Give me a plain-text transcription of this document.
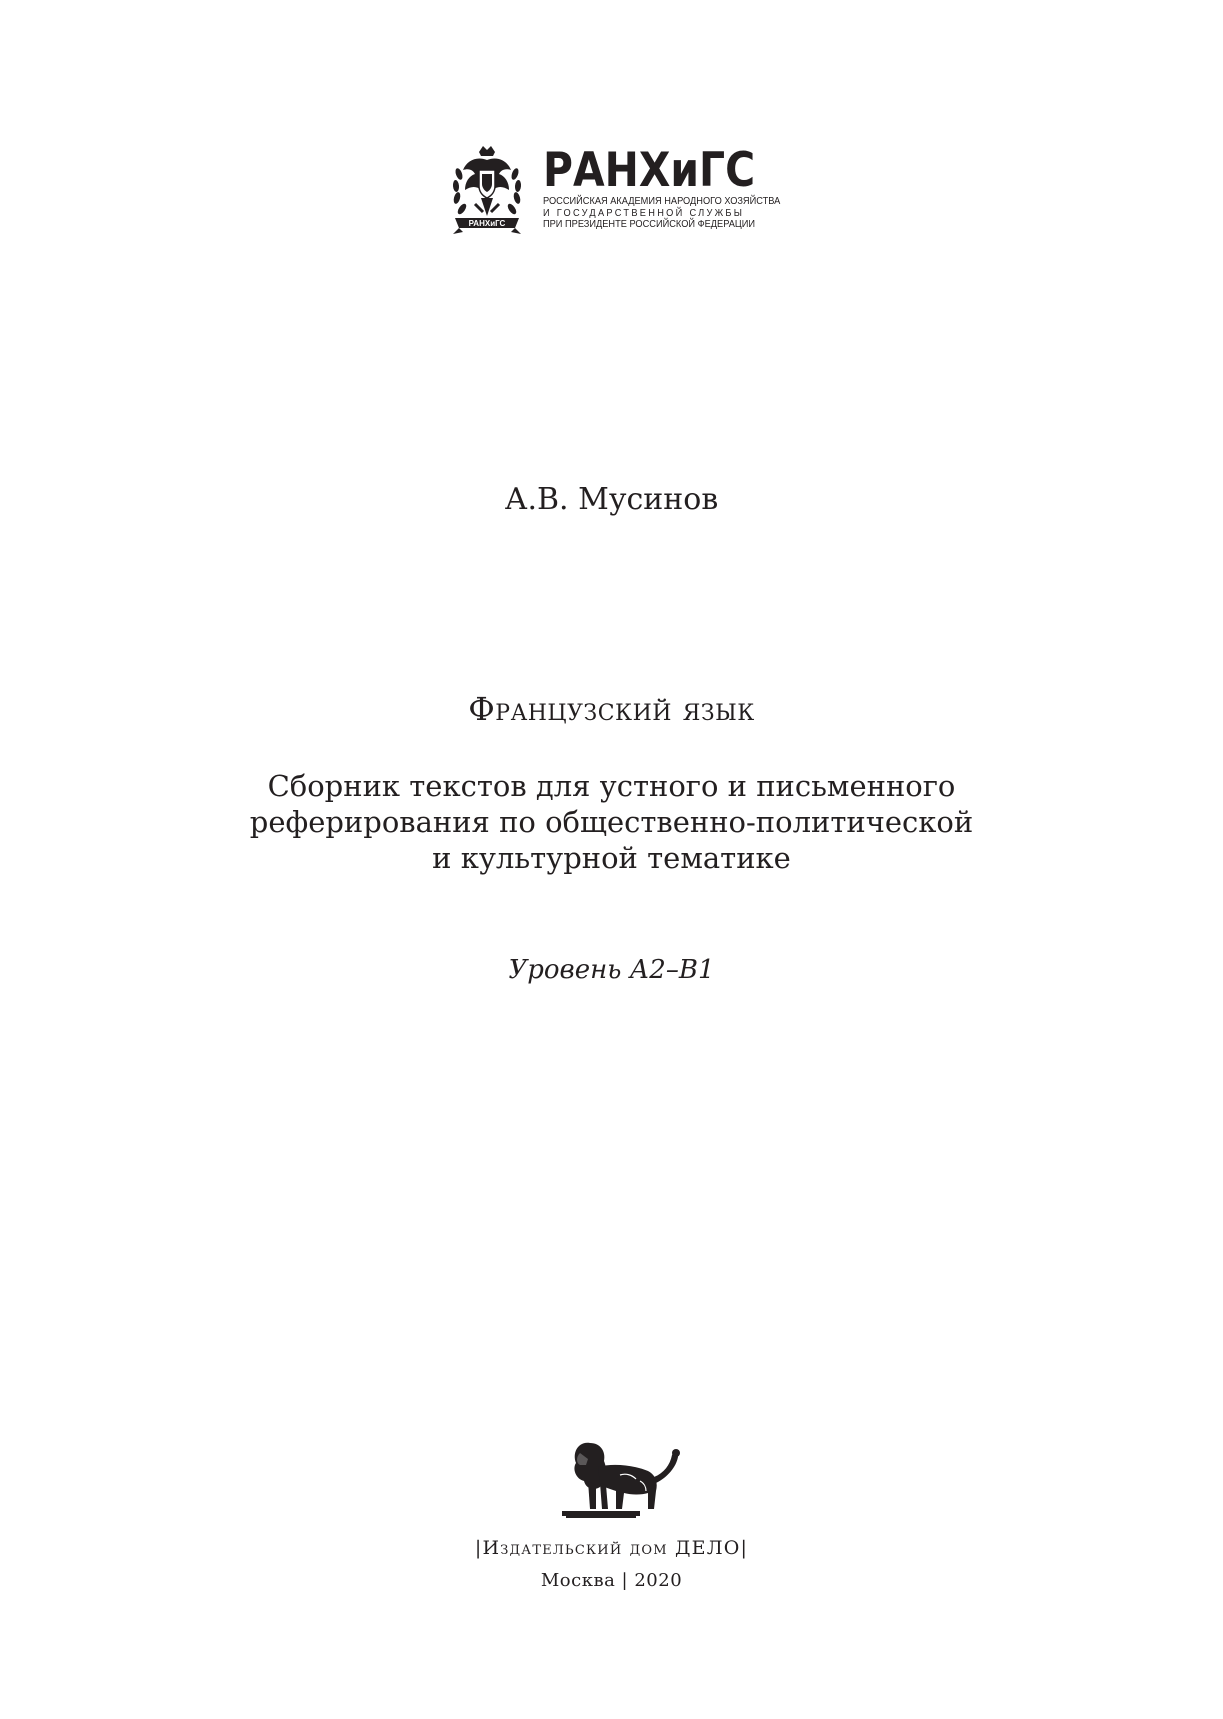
РАНХиГС
РАНХиГС
РОССИЙСКАЯ АКАДЕМИЯ НАРОДНОГО ХОЗЯЙСТВА
И ГОСУДАРСТВЕННОЙ СЛУЖБЫ
ПРИ ПРЕЗИДЕНТЕ РОССИЙСКОЙ ФЕДЕРАЦИИ
А.В. Мусинов
Французский язык
Сборник текстов для устного и письменного
реферирования по общественно-политической
и культурной тематике
Уровень А2–В1
|Издательский дом ДЕЛО|
Москва | 2020
